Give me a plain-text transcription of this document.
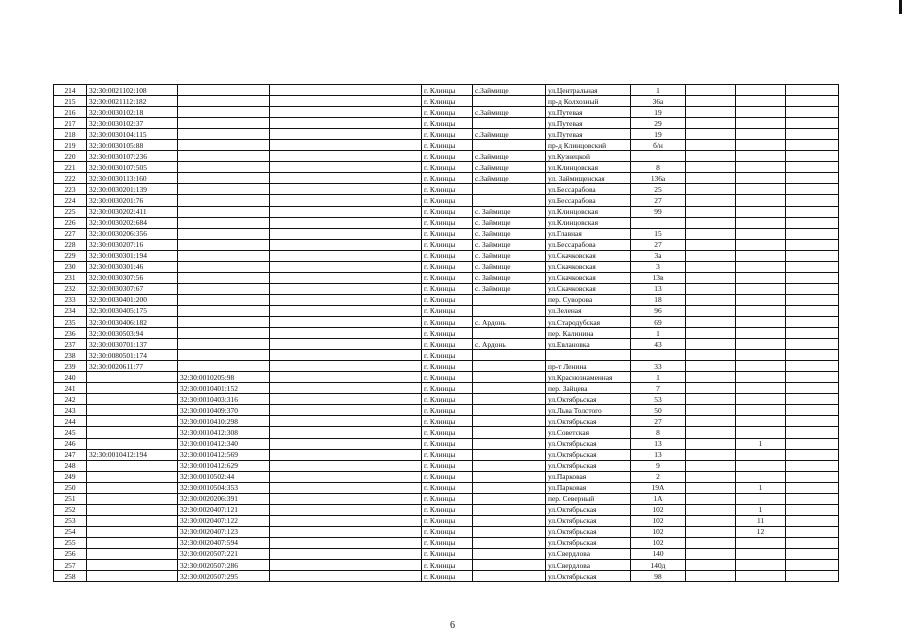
214	32:30:0021102:108			г. Клинцы	с.Займище	ул.Центральная	1			
215	32:30:0021112:182			г. Клинцы		пр-д Колхозный	36а			
216	32:30:0030102:18			г. Клинцы	с.Займище	ул.Путевая	19			
217	32:30:0030102:37			г. Клинцы		ул.Путевая	29			
218	32:30:0030104:115			г. Клинцы	с.Займище	ул.Путевая	19			
219	32:30:0030105:88			г. Клинцы		пр-д Клинцовский	б/н			
220	32:30:0030107:236			г. Клинцы	с.Займище	ул.Кузнецкой				
221	32:30:0030107:505			г. Клинцы	с.Займище	ул.Клинцовская	8			
222	32:30:0030113:160			г. Клинцы	с.Займище	ул. Займищенская	136а			
223	32:30:0030201:139			г. Клинцы		ул.Бессарабова	25			
224	32:30:0030201:76			г. Клинцы		ул.Бессарабова	27			
225	32:30:0030202:411			г. Клинцы	с. Займище	ул.Клинцовская	99			
226	32:30:0030202:684			г. Клинцы	с. Займище	ул.Клинцовская				
227	32:30:0030206:356			г. Клинцы	с. Займище	ул.Главная	15			
228	32:30:0030207:16			г. Клинцы	с. Займище	ул.Бессарабова	27			
229	32:30:0030301:194			г. Клинцы	с. Займище	ул.Скачковская	3а			
230	32:30:0030301:46			г. Клинцы	с. Займище	ул.Скачковская	3			
231	32:30:0030307:56			г. Клинцы	с. Займище	ул.Скачковская	13в			
232	32:30:0030307:67			г. Клинцы	с. Займище	ул.Скачковская	13			
233	32:30:0030401:200			г. Клинцы		пер. Суворова	18			
234	32:30:0030405:175			г. Клинцы		ул.Зеленая	96			
235	32:30:0030406:182			г. Клинцы	с. Ардонь	ул.Стародубская	69			
236	32:30:0030503:94			г. Клинцы		пер. Калинина	1			
237	32:30:0030701:137			г. Клинцы	с. Ардонь	ул.Евлановка	43			
238	32:30:0080501:174			г. Клинцы						
239	32:30:0020611:77			г. Клинцы		пр-т Ленина	33			
240		32:30:0010205:98		г. Клинцы		ул.Краснознаменная	1			
241		32:30:0010401:152		г. Клинцы		пер. Зайцева	7			
242		32:30:0010403:316		г. Клинцы		ул.Октябрьская	53			
243		32:30:0010409:370		г. Клинцы		ул.Льва Толстого	50			
244		32:30:0010410:298		г. Клинцы		ул.Октябрьская	27			
245		32:30:0010412:308		г. Клинцы		ул.Советская	8			
246		32:30:0010412:340		г. Клинцы		ул.Октябрьская	13		1	
247	32:30:0010412:194	32:30:0010412:569		г. Клинцы		ул.Октябрьская	13			
248		32:30:0010412:629		г. Клинцы		ул.Октябрьская	9			
249		32:30:0010502:44		г. Клинцы		ул.Парковая	2			
250		32:30:0010504:353		г. Клинцы		ул.Парковая	19А		1	
251		32:30:0020206:391		г. Клинцы		пер. Северный	1А			
252		32:30:0020407:121		г. Клинцы		ул.Октябрьская	102		1	
253		32:30:0020407:122		г. Клинцы		ул.Октябрьская	102		11	
254		32:30:0020407:123		г. Клинцы		ул.Октябрьская	102		12	
255		32:30:0020407:594		г. Клинцы		ул.Октябрьская	102			
256		32:30:0020507:221		г. Клинцы		ул.Свердлова	140			
257		32:30:0020507:286		г. Клинцы		ул.Свердлова	140д			
258		32:30:0020507:295		г. Клинцы		ул.Октябрьская	98			
6
